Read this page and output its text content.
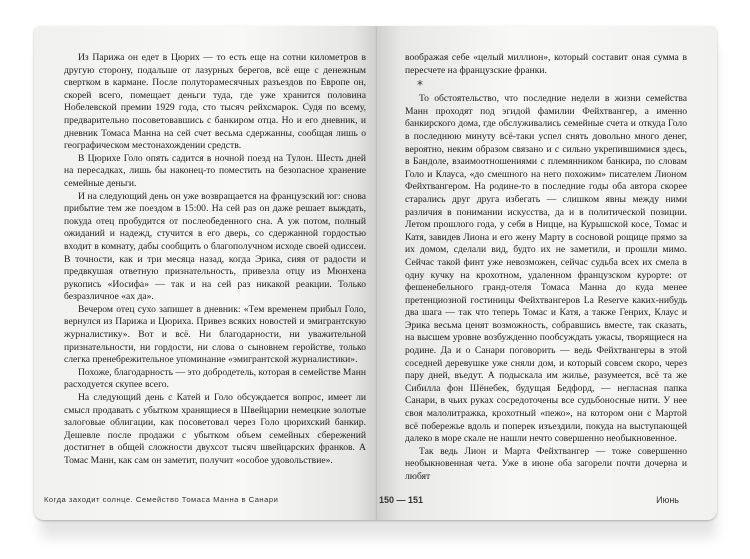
Из Парижа он едет в Цюрих — то есть еще на сотни километров в другую сторону, подальше от лазурных берегов, всё еще с денежным свертком в кармане. После полуторамесячных разъездов по Европе он, скорей всего, помещает деньги туда, где уже хранится половина Нобелевской премии 1929 года, сто тысяч рейхсмарок. Судя по всему, предварительно посоветовавшись с банкиром отца. Но и его дневник, и дневник Томаса Манна на сей счет весьма сдержанны, сообщая лишь о географическом местонахождении средств.

В Цюрихе Голо опять садится в ночной поезд на Тулон. Шесть дней на пересадках, лишь бы наконец-то поместить на безопасное хранение семейные деньги.

И на следующий день он уже возвращается на французский юг: снова прибытие тем же поездом в 15:00. На сей раз он даже решает выждать, покуда отец пробудится от послеобеденного сна. А уж потом, полный ожиданий и надежд, стучится в его дверь, со сдержанной гордостью входит в комнату, дабы сообщить о благополучном исходе своей одиссеи. В точности, как и три месяца назад, когда Эрика, сияя от радости и предвкушая ответную признательность, привезла отцу из Мюнхена рукопись «Иосифа» — так и на сей раз никакой реакции. Только безразличное «ах да».

Вечером отец сухо запишет в дневник: «Тем временем прибыл Голо, вернулся из Парижа и Цюриха. Привез всяких новостей и эмигрантскую журналистику». Вот и всё. Ни благодарности, ни уважительной признательности, ни гордости, ни слова о сыновнем геройстве, только слегка пренебрежительное упоминание «эмигрантской журналистики».

Похоже, благодарность — это добродетель, которая в семействе Манн расходуется скупее всего.

На следующий день с Катей и Голо обсуждается вопрос, имеет ли смысл продавать с убытком хранящиеся в Швейцарии немецкие золотые залоговые облигации, как посоветовал через Голо цюрихский банкир. Дешевле после продажи с убытком объем семейных сбережений достигнет в общей сложности двухсот тысяч швейцарских франков. А Томас Манн, как сам он заметит, получит «особое удовольствие».

Когда заходит солнце. Семейство Томаса Манна в Санари

воображая себе «целый миллион», который составит оная сумма в пересчете на французские франки.

*

То обстоятельство, что последние недели в жизни семейства Манн проходят под эгидой фамилии Фейхтвангер, а именно банкирского дома, где обслуживались семейные счета и откуда Голо в последнюю минуту всё-таки успел снять довольно много денег, вероятно, неким образом связано и с сильно укрепившимися здесь, в Бандоле, взаимоотношениями с племянником банкира, по словам Голо и Клауса, «до смешного на него похожим» писателем Лионом Фейхтвангером. На родине-то в последние годы оба автора скорее старались друг друга избегать — слишком явны между ними различия в понимании искусства, да и в политической позиции. Летом прошлого года, у себя в Ницце, на Курышской косе, Томас и Катя, завидев Лиона и его жену Марту в сосновой рощице прямо за их домом, сделали вид, будто их не заметили, и прошли мимо. Сейчас такой финт уже невозможен, сейчас судьба всех их смела в одну кучку на крохотном, удаленном французском курорте: от фешенебельного гранд-отеля Томаса Манна до куда менее претенциозной гостиницы Фейхтвангеров La Reserve каких-нибудь два шага — так что теперь Томас и Катя, а также Генрих, Клаус и Эрика весьма ценят возможность, собравшись вместе, так сказать, на высшем уровне возбужденно пообсуждать ужасы, творящиеся на родине. Да и о Санари поговорить — ведь Фейхтвангеры в этой соседней деревушке уже сняли дом, и который совсем скоро, через пару дней, въедут. А подыскала им жилье, разумеется, всё та же Сибилла фон Шёнебек, будущая Бедфорд, — неглaсная папка Санари, в чьих руках сосредоточены все судьбоносные нити. У нее своя малолитражка, крохотный «пежо», на котором они с Мартой всё побережье вдоль и поперек изъездили, покуда на выступающей далеко в море скале не нашли нечто совершенно необыкновенное.

Так ведь Лион и Марта Фейхтвангер — тоже совершенно необыкновенная чета. Уже в июне оба загорели почти дочерна и любят

150 — 151	Июнь
